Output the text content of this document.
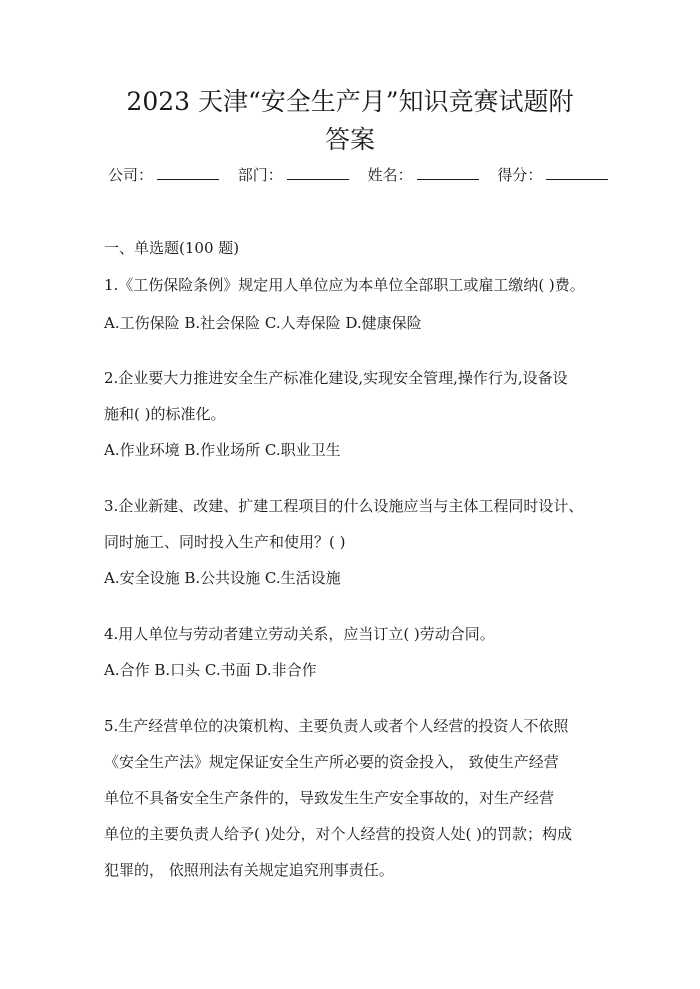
2023 天津“安全生产月”知识竞赛试题附
答案
公司：	部门：	姓名：	得分：
一、单选题(100 题)
1.《工伤保险条例》规定用人单位应为本单位全部职工或雇工缴纳( )费。
A.工伤保险 B.社会保险 C.人寿保险 D.健康保险
2.企业要大力推进安全生产标准化建设,实现安全管理,操作行为,设备设
施和( )的标准化。
A.作业环境 B.作业场所 C.职业卫生
3.企业新建、改建、扩建工程项目的什么设施应当与主体工程同时设计、
同时施工、同时投入生产和使用？( )
A.安全设施 B.公共设施 C.生活设施
4.用人单位与劳动者建立劳动关系，应当订立( )劳动合同。
A.合作 B.口头 C.书面 D.非合作
5.生产经营单位的决策机构、主要负责人或者个人经营的投资人不依照
《安全生产法》规定保证安全生产所必要的资金投入， 致使生产经营
单位不具备安全生产条件的，导致发生生产安全事故的，对生产经营
单位的主要负责人给予( )处分，对个人经营的投资人处( )的罚款；构成
犯罪的， 依照刑法有关规定追究刑事责任。
